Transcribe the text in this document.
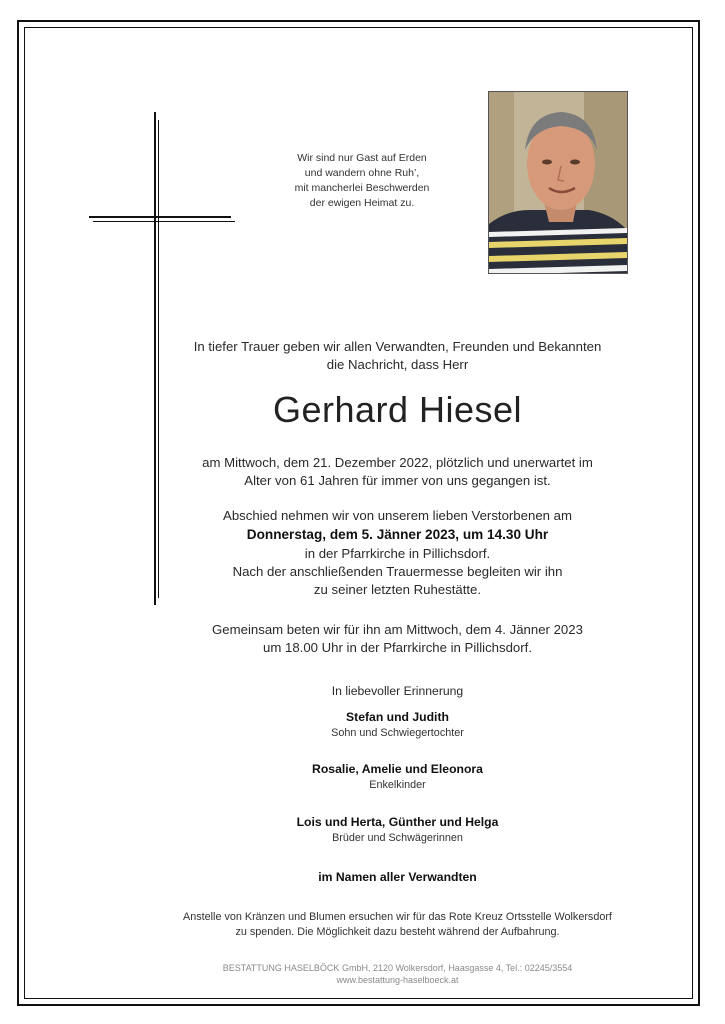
Wir sind nur Gast auf Erden
und wandern ohne Ruh’,
mit mancherlei Beschwerden
der ewigen Heimat zu.
In tiefer Trauer geben wir allen Verwandten, Freunden und Bekannten
die Nachricht, dass Herr
Gerhard Hiesel
am Mittwoch, dem 21. Dezember 2022, plötzlich und unerwartet im
Alter von 61 Jahren für immer von uns gegangen ist.
Abschied nehmen wir von unserem lieben Verstorbenen am
Donnerstag, dem 5. Jänner 2023, um 14.30 Uhr
in der Pfarrkirche in Pillichsdorf.
Nach der anschließenden Trauermesse begleiten wir ihn
zu seiner letzten Ruhestätte.
Gemeinsam beten wir für ihn am Mittwoch, dem 4. Jänner 2023
um 18.00 Uhr in der Pfarrkirche in Pillichsdorf.
In liebevoller Erinnerung
Stefan und Judith
Sohn und Schwiegertochter
Rosalie, Amelie und Eleonora
Enkelkinder
Lois und Herta, Günther und Helga
Brüder und Schwägerinnen
im Namen aller Verwandten
Anstelle von Kränzen und Blumen ersuchen wir für das Rote Kreuz Ortsstelle Wolkersdorf
zu spenden. Die Möglichkeit dazu besteht während der Aufbahrung.
BESTATTUNG HASELBÖCK GmbH, 2120 Wolkersdorf, Haasgasse 4, Tel.: 02245/3554
www.bestattung-haselboeck.at
